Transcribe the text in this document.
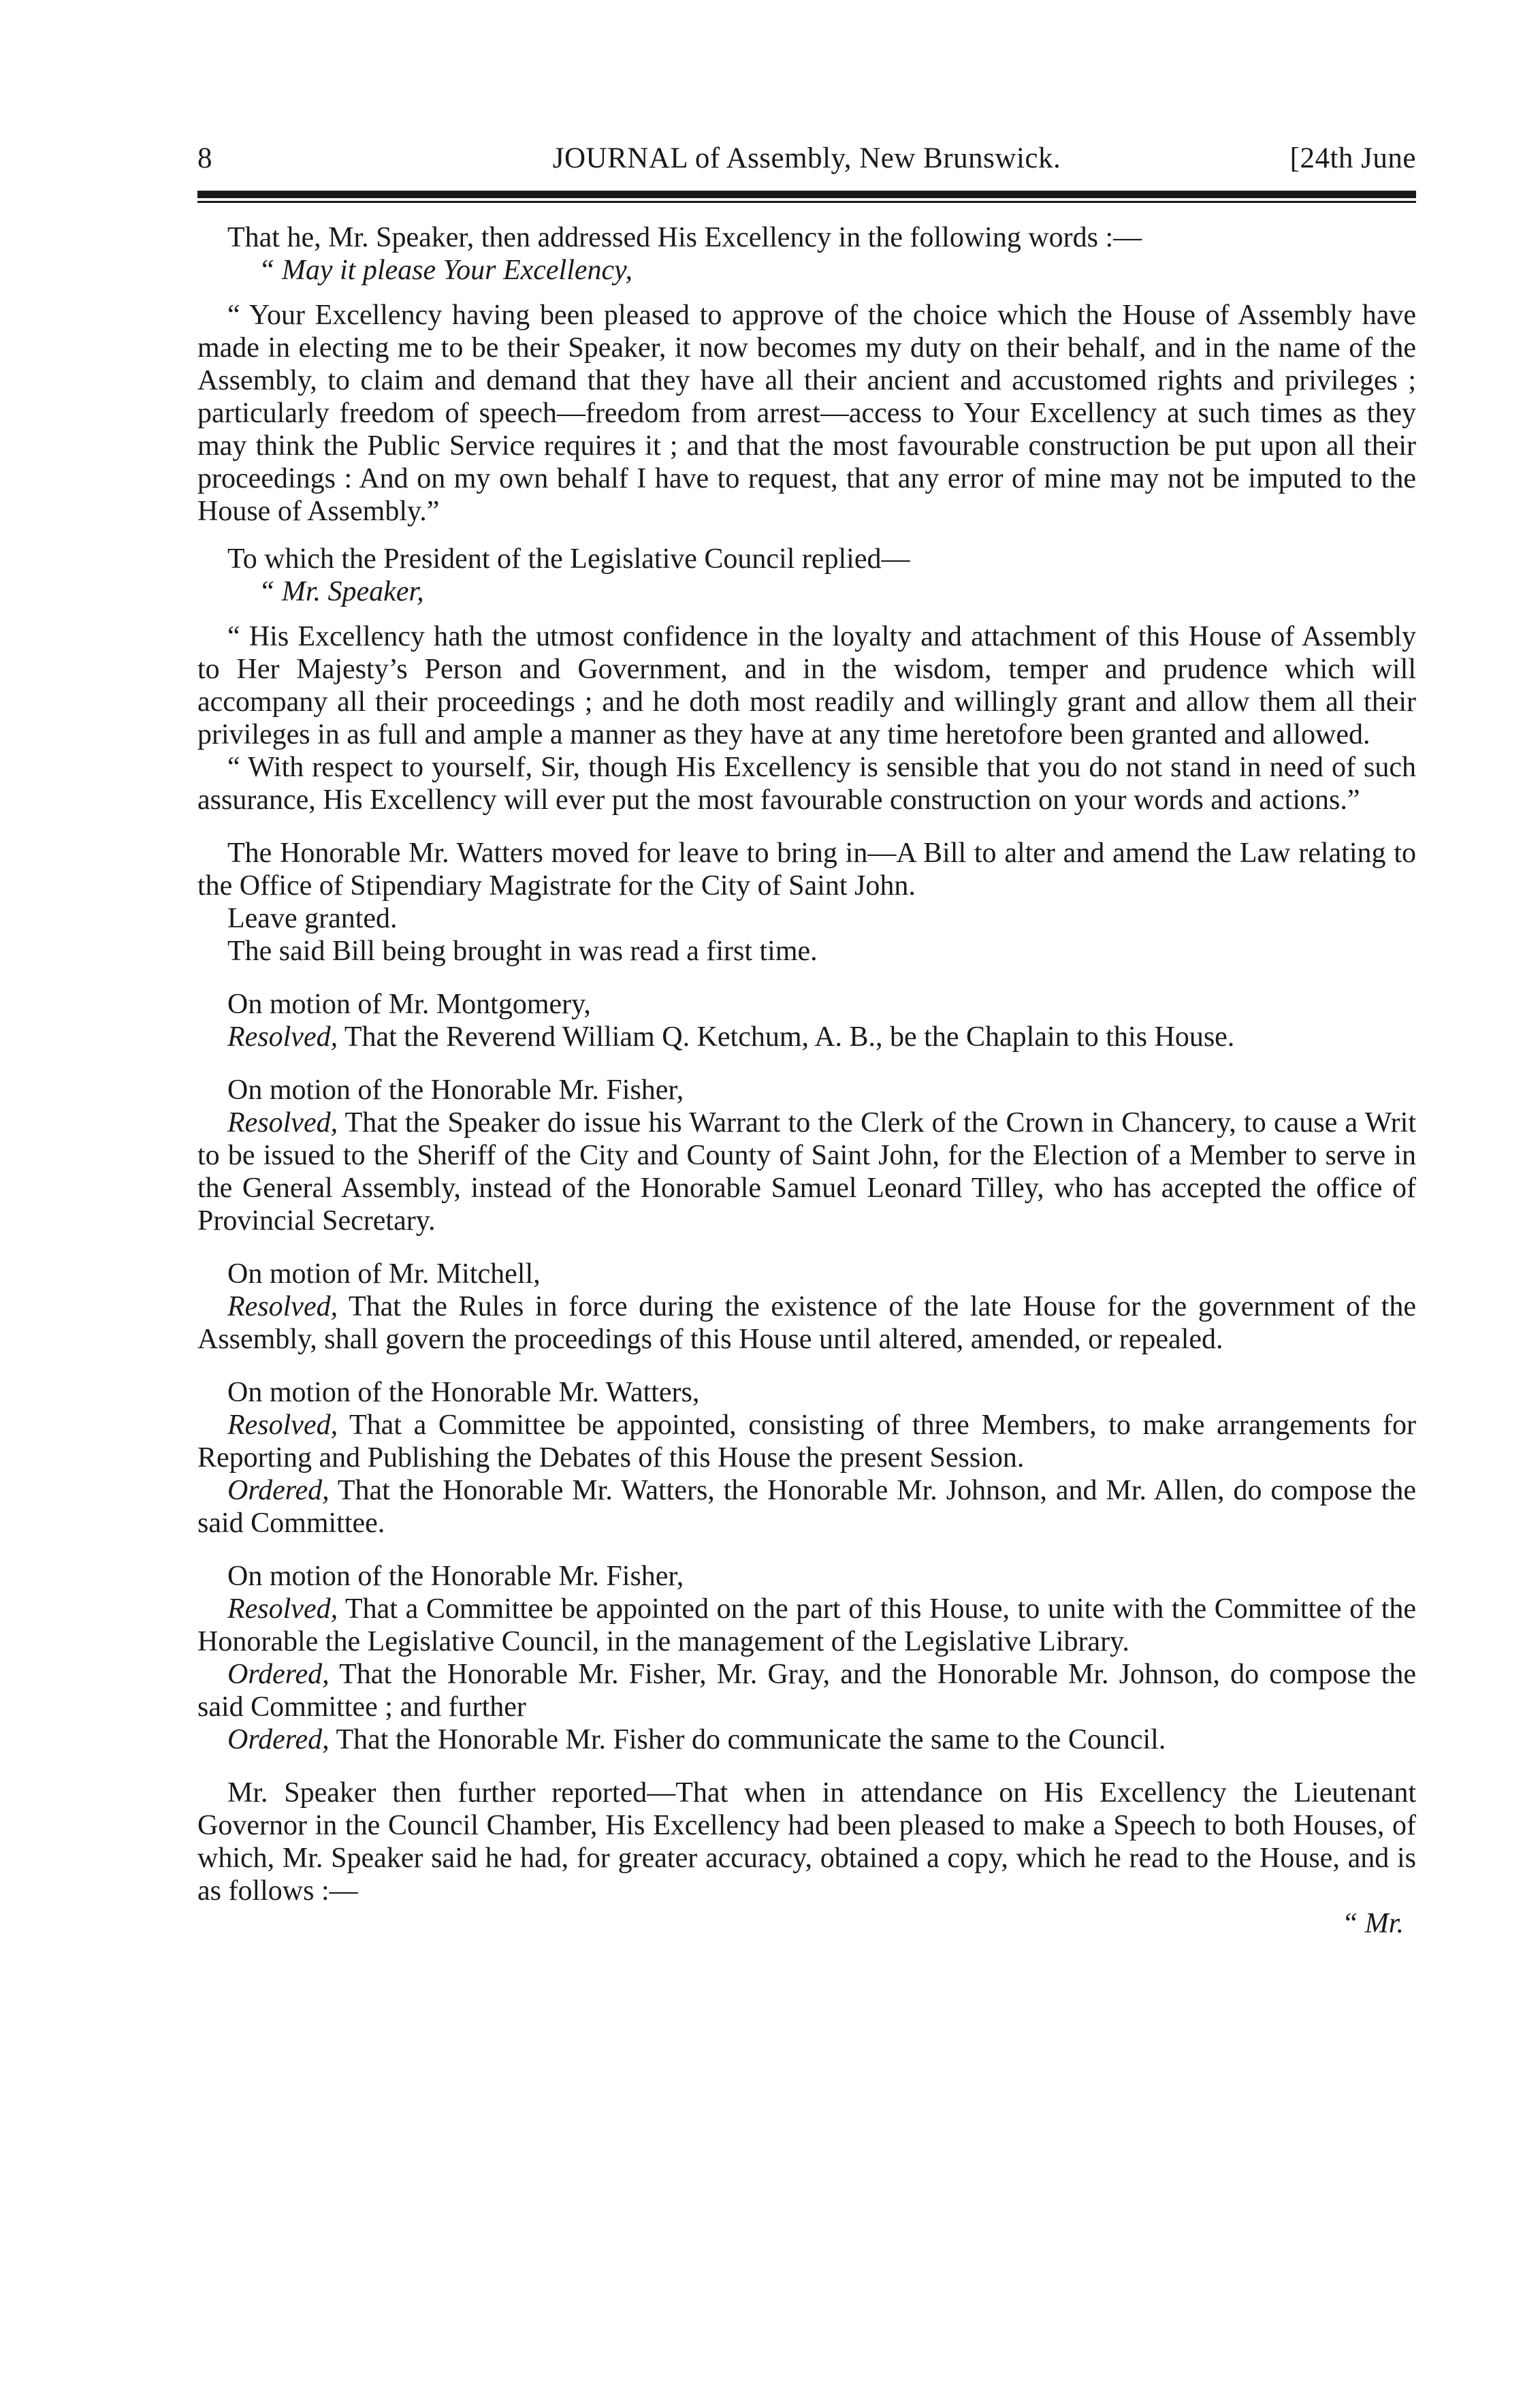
8	JOURNAL of Assembly, New Brunswick.	[24th June

That he, Mr. Speaker, then addressed His Excellency in the following words :—

“ May it please Your Excellency,

“ Your Excellency having been pleased to approve of the choice which the House of Assembly have made in electing me to be their Speaker, it now becomes my duty on their behalf, and in the name of the Assembly, to claim and demand that they have all their ancient and accustomed rights and privileges ; particularly freedom of speech—freedom from arrest—access to Your Excellency at such times as they may think the Public Service requires it ; and that the most favourable construction be put upon all their proceedings : And on my own behalf I have to request, that any error of mine may not be imputed to the House of Assembly.”

To which the President of the Legislative Council replied—

“ Mr. Speaker,

“ His Excellency hath the utmost confidence in the loyalty and attachment of this House of Assembly to Her Majesty’s Person and Government, and in the wisdom, temper and prudence which will accompany all their proceedings ; and he doth most readily and willingly grant and allow them all their privileges in as full and ample a manner as they have at any time heretofore been granted and allowed.

“ With respect to yourself, Sir, though His Excellency is sensible that you do not stand in need of such assurance, His Excellency will ever put the most favourable construction on your words and actions.”

The Honorable Mr. Watters moved for leave to bring in—A Bill to alter and amend the Law relating to the Office of Stipendiary Magistrate for the City of Saint John.

Leave granted.

The said Bill being brought in was read a first time.

On motion of Mr. Montgomery,

Resolved, That the Reverend William Q. Ketchum, A. B., be the Chaplain to this House.

On motion of the Honorable Mr. Fisher,

Resolved, That the Speaker do issue his Warrant to the Clerk of the Crown in Chancery, to cause a Writ to be issued to the Sheriff of the City and County of Saint John, for the Election of a Member to serve in the General Assembly, instead of the Honorable Samuel Leonard Tilley, who has accepted the office of Provincial Secretary.

On motion of Mr. Mitchell,

Resolved, That the Rules in force during the existence of the late House for the government of the Assembly, shall govern the proceedings of this House until altered, amended, or repealed.

On motion of the Honorable Mr. Watters,

Resolved, That a Committee be appointed, consisting of three Members, to make arrangements for Reporting and Publishing the Debates of this House the present Session.

Ordered, That the Honorable Mr. Watters, the Honorable Mr. Johnson, and Mr. Allen, do compose the said Committee.

On motion of the Honorable Mr. Fisher,

Resolved, That a Committee be appointed on the part of this House, to unite with the Committee of the Honorable the Legislative Council, in the management of the Legislative Library.

Ordered, That the Honorable Mr. Fisher, Mr. Gray, and the Honorable Mr. Johnson, do compose the said Committee ; and further

Ordered, That the Honorable Mr. Fisher do communicate the same to the Council.

Mr. Speaker then further reported—That when in attendance on His Excellency the Lieutenant Governor in the Council Chamber, His Excellency had been pleased to make a Speech to both Houses, of which, Mr. Speaker said he had, for greater accuracy, obtained a copy, which he read to the House, and is as follows :—

“ Mr.
